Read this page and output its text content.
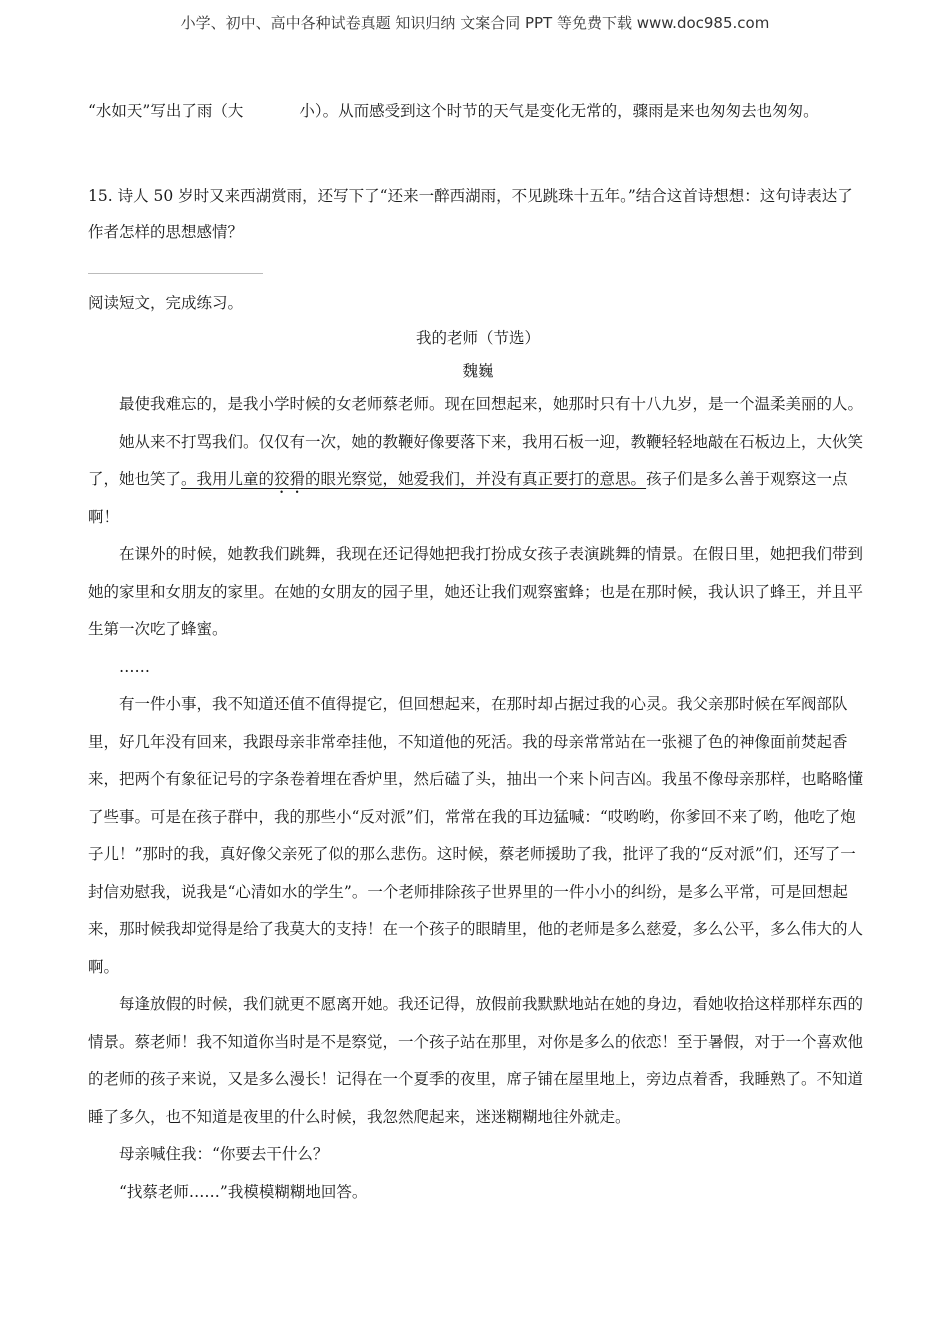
小学、初中、高中各种试卷真题 知识归纳 文案合同 PPT 等免费下载 www.doc985.com

“水如天”写出了雨（大	小）。从而感受到这个时节的天气是变化无常的，骤雨是来也匆匆去也匆匆。

15. 诗人 50 岁时又来西湖赏雨，还写下了“还来一醉西湖雨，不见跳珠十五年。”结合这首诗想想：这句诗表达了作者怎样的思想感情？

阅读短文，完成练习。
我的老师（节选）
魏巍

最使我难忘的，是我小学时候的女老师蔡老师。现在回想起来，她那时只有十八九岁，是一个温柔美丽的人。

她从来不打骂我们。仅仅有一次，她的教鞭好像要落下来，我用石板一迎，教鞭轻轻地敲在石板边上，大伙笑了，她也笑了。我用儿童的狡猾的眼光察觉，她爱我们，并没有真正要打的意思。孩子们是多么善于观察这一点啊！

在课外的时候，她教我们跳舞，我现在还记得她把我打扮成女孩子表演跳舞的情景。在假日里，她把我们带到她的家里和女朋友的家里。在她的女朋友的园子里，她还让我们观察蜜蜂；也是在那时候，我认识了蜂王，并且平生第一次吃了蜂蜜。

……

有一件小事，我不知道还值不值得提它，但回想起来，在那时却占据过我的心灵。我父亲那时候在军阀部队里，好几年没有回来，我跟母亲非常牵挂他，不知道他的死活。我的母亲常常站在一张褪了色的神像面前焚起香来，把两个有象征记号的字条卷着埋在香炉里，然后磕了头，抽出一个来卜问吉凶。我虽不像母亲那样，也略略懂了些事。可是在孩子群中，我的那些小“反对派”们，常常在我的耳边猛喊：“哎哟哟，你爹回不来了哟，他吃了炮子儿！”那时的我，真好像父亲死了似的那么悲伤。这时候，蔡老师援助了我，批评了我的“反对派”们，还写了一封信劝慰我，说我是“心清如水的学生”。一个老师排除孩子世界里的一件小小的纠纷，是多么平常，可是回想起来，那时候我却觉得是给了我莫大的支持！在一个孩子的眼睛里，他的老师是多么慈爱，多么公平，多么伟大的人啊。

每逢放假的时候，我们就更不愿离开她。我还记得，放假前我默默地站在她的身边，看她收拾这样那样东西的情景。蔡老师！我不知道你当时是不是察觉，一个孩子站在那里，对你是多么的依恋！至于暑假，对于一个喜欢他的老师的孩子来说，又是多么漫长！记得在一个夏季的夜里，席子铺在屋里地上，旁边点着香，我睡熟了。不知道睡了多久，也不知道是夜里的什么时候，我忽然爬起来，迷迷糊糊地往外就走。

母亲喊住我：“你要去干什么？

“找蔡老师……”我模模糊糊地回答。
